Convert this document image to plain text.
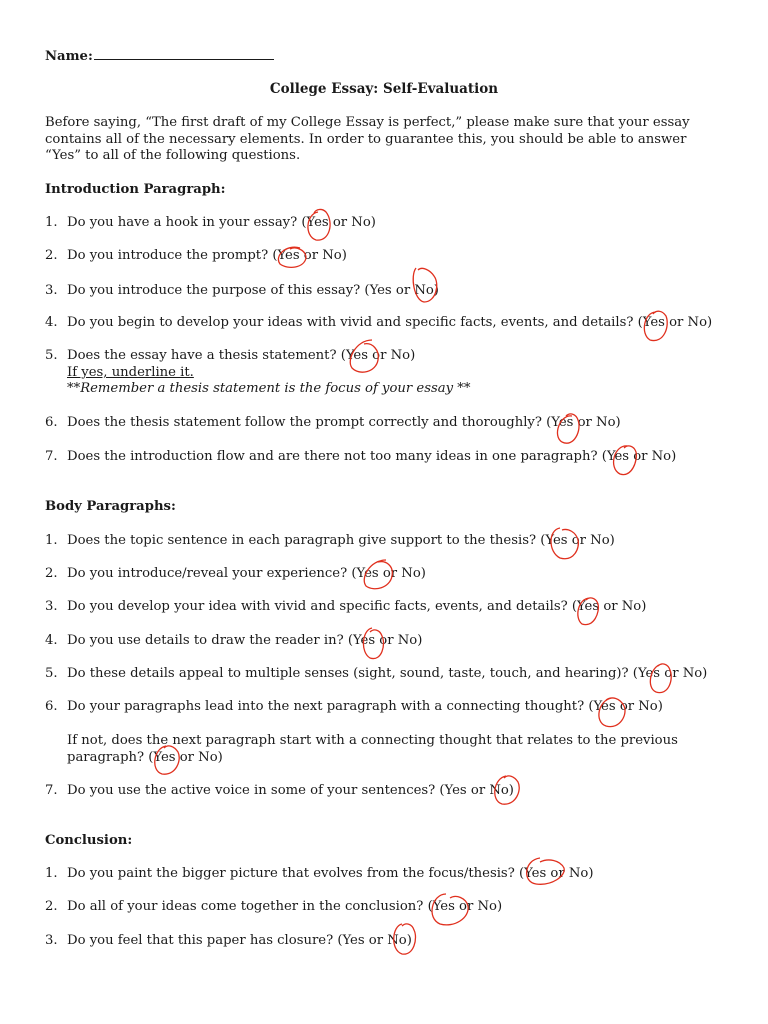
Name:
College Essay: Self-Evaluation
Before saying, “The first draft of my College Essay is perfect,” please make sure that your essay
contains all of the necessary elements. In order to guarantee this, you should be able to answer
“Yes” to all of the following questions.
Introduction Paragraph:
1. Do you have a hook in your essay? (Yes or No)
2. Do you introduce the prompt? (Yes or No)
3. Do you introduce the purpose of this essay? (Yes or No)
4. Do you begin to develop your ideas with vivid and specific facts, events, and details? (Yes or No)
5. Does the essay have a thesis statement? (Yes or No)
If yes, underline it.
**Remember a thesis statement is the focus of your essay **
6. Does the thesis statement follow the prompt correctly and thoroughly? (Yes or No)
7. Does the introduction flow and are there not too many ideas in one paragraph? (Yes or No)
Body Paragraphs:
1. Does the topic sentence in each paragraph give support to the thesis? (Yes or No)
2. Do you introduce/reveal your experience? (Yes or No)
3. Do you develop your idea with vivid and specific facts, events, and details? (Yes or No)
4. Do you use details to draw the reader in? (Yes or No)
5. Do these details appeal to multiple senses (sight, sound, taste, touch, and hearing)? (Yes or No)
6. Do your paragraphs lead into the next paragraph with a connecting thought? (Yes or No)
If not, does the next paragraph start with a connecting thought that relates to the previous
paragraph? (Yes or No)
7. Do you use the active voice in some of your sentences? (Yes or No)
Conclusion:
1. Do you paint the bigger picture that evolves from the focus/thesis? (Yes or No)
2. Do all of your ideas come together in the conclusion? (Yes or No)
3. Do you feel that this paper has closure? (Yes or No)
